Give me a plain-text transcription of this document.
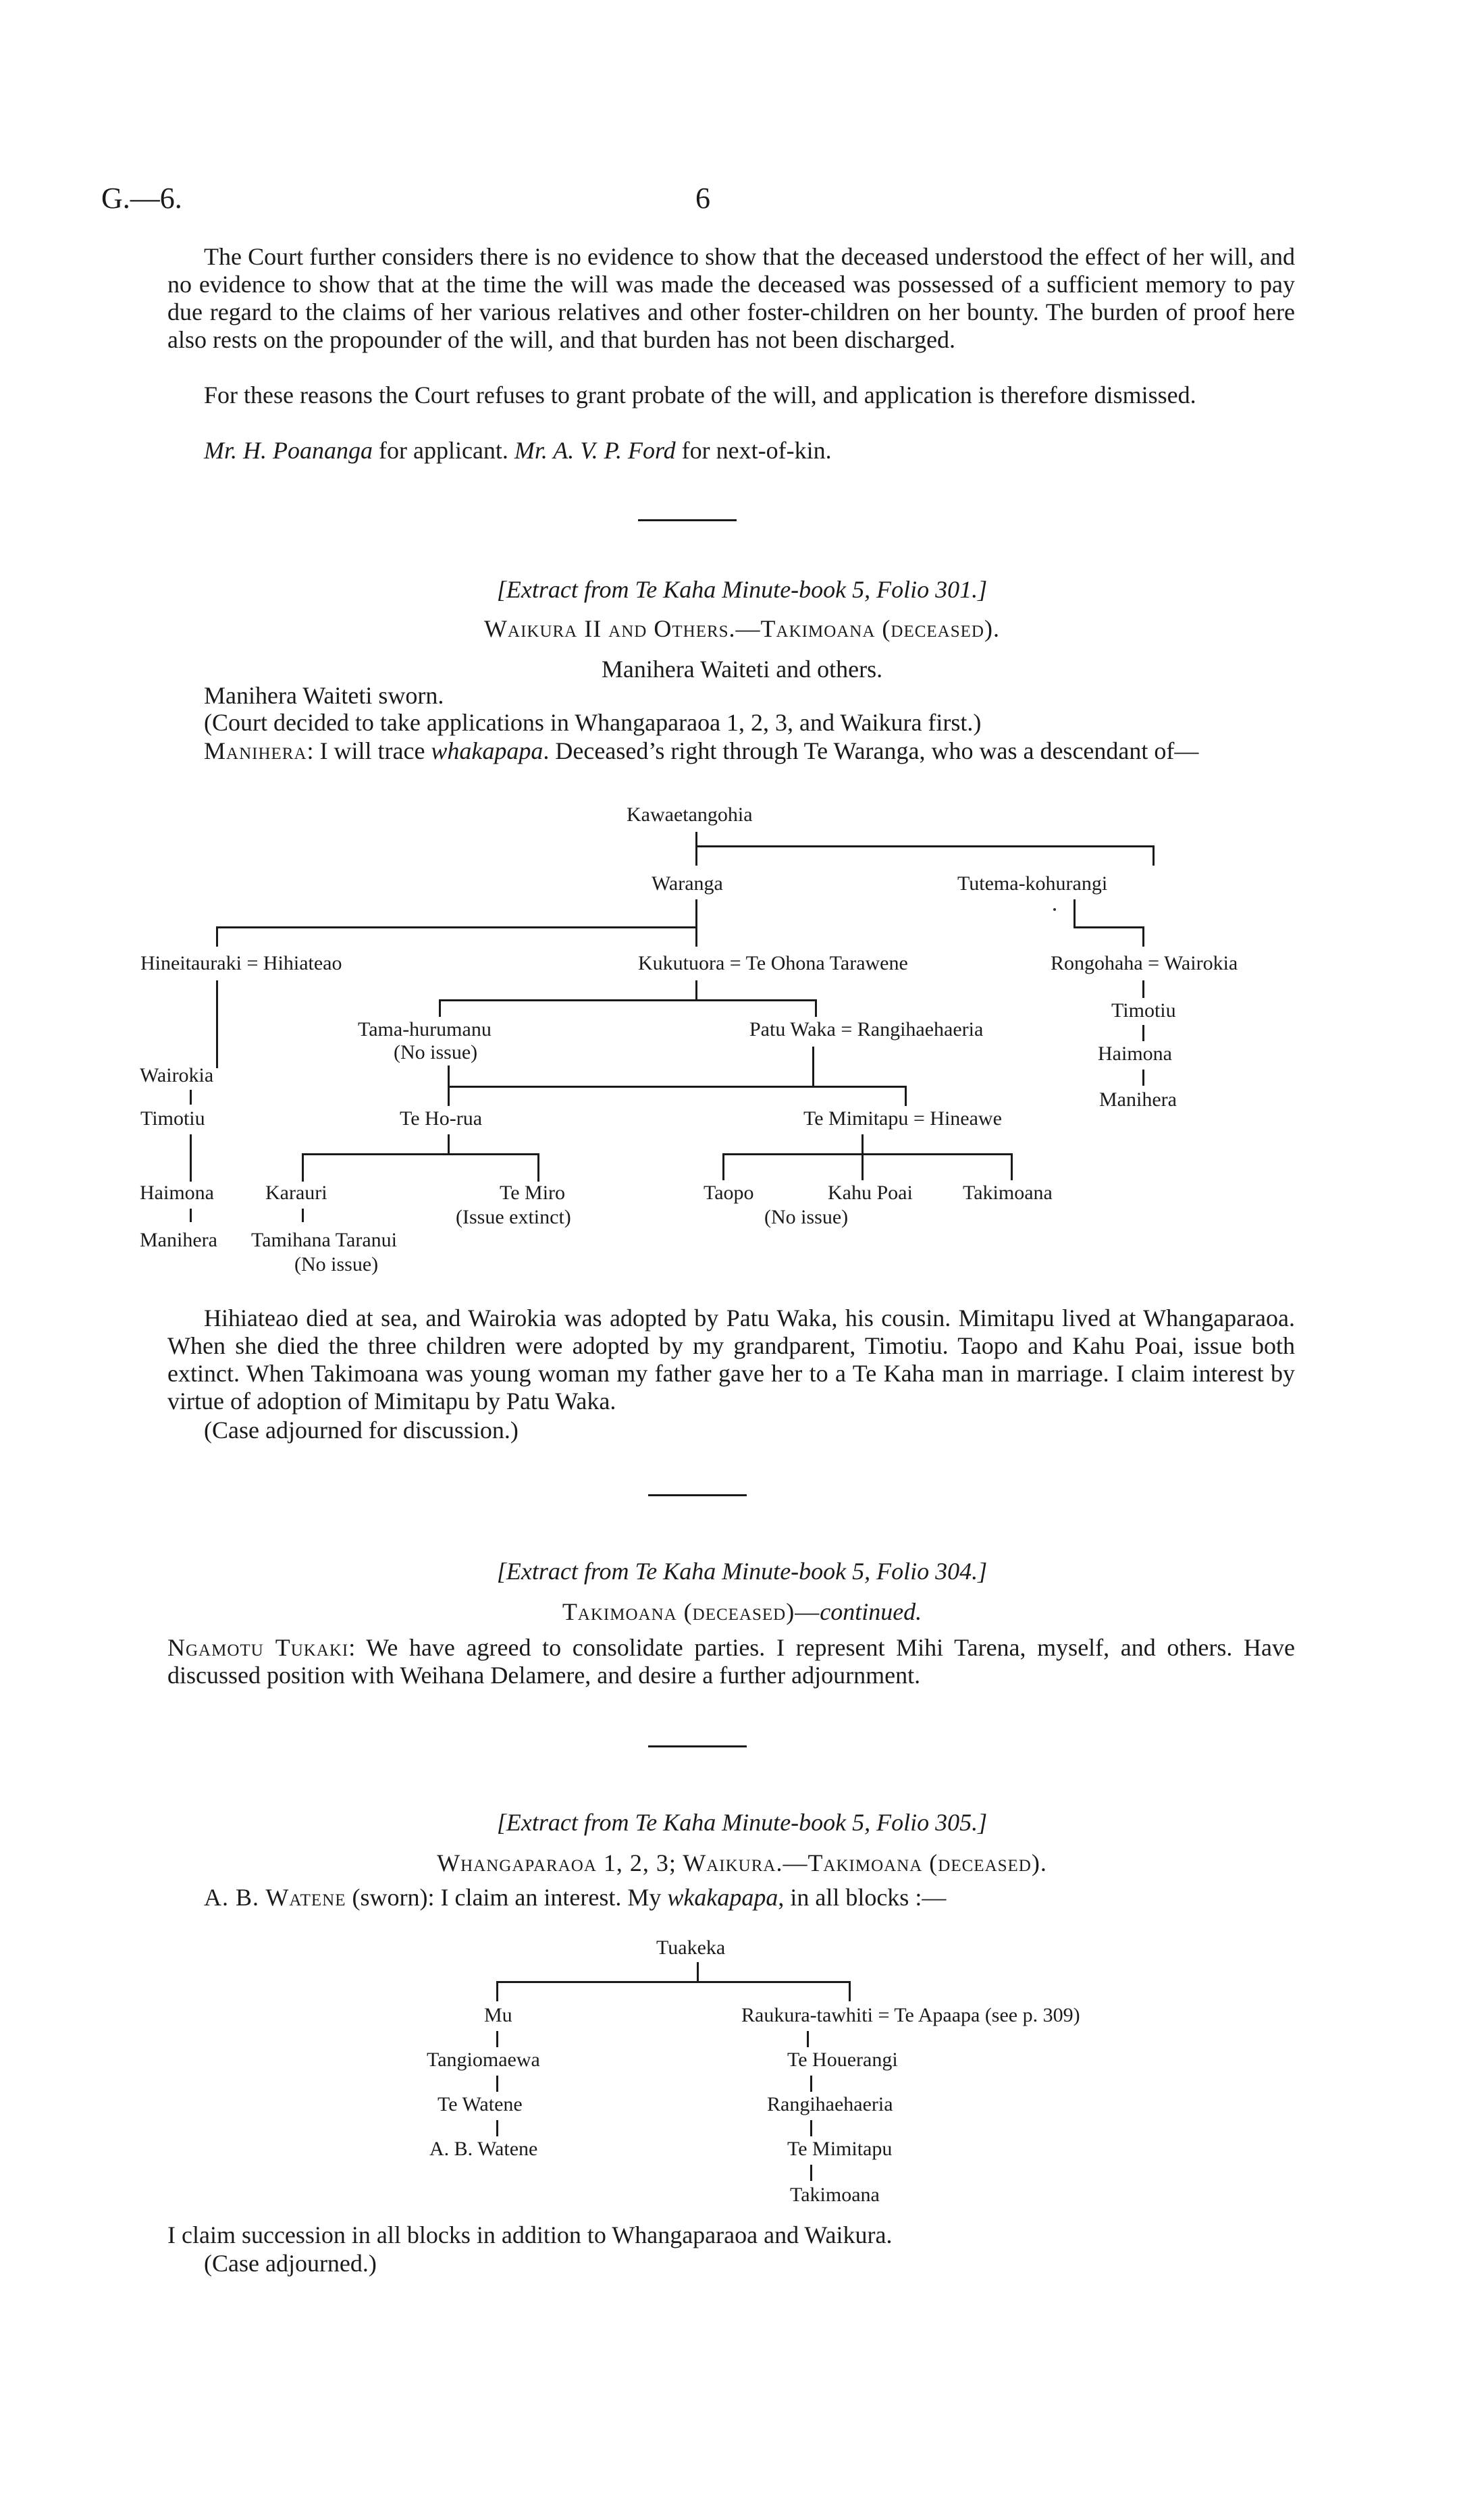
G.—6.	6
The Court further considers there is no evidence to show that the deceased understood the effect of her will, and no evidence to show that at the time the will was made the deceased was possessed of a sufficient memory to pay due regard to the claims of her various relatives and other foster-children on her bounty. The burden of proof here also rests on the propounder of the will, and that burden has not been discharged.
For these reasons the Court refuses to grant probate of the will, and application is therefore dismissed.
Mr. H. Poananga for applicant. Mr. A. V. P. Ford for next-of-kin.
[Extract from Te Kaha Minute-book 5, Folio 301.]
Waikura II and Others.—Takimoana (deceased).
Manihera Waiteti and others.
Manihera Waiteti sworn.
(Court decided to take applications in Whangaparaoa 1, 2, 3, and Waikura first.)
Manihera: I will trace whakapapa. Deceased’s right through Te Waranga, who was a descendant of—
Kawaetangohia
Waranga	Tutema-kohurangi
Hineitauraki = Hihiateao	Kukutuora = Te Ohona Tarawene	Rongohaha = Wairokia
Timotiu
Haimona
Manihera
Tama-hurumanu
(No issue)
Patu Waka = Rangihaehaeria
Wairokia
Timotiu	Te Ho-rua	Te Mimitapu = Hineawe
Haimona	Karauri	Te Miro	Taopo	Kahu Poai Takimoana
(Issue extinct)	(No issue)
Manihera Tamihana Taranui
(No issue)
Hihiateao died at sea, and Wairokia was adopted by Patu Waka, his cousin. Mimitapu lived at Whangaparaoa. When she died the three children were adopted by my grandparent, Timotiu. Taopo and Kahu Poai, issue both extinct. When Takimoana was young woman my father gave her to a Te Kaha man in marriage. I claim interest by virtue of adoption of Mimitapu by Patu Waka.
(Case adjourned for discussion.)
[Extract from Te Kaha Minute-book 5, Folio 304.]
Takimoana (deceased)—continued.
Ngamotu Tukaki: We have agreed to consolidate parties. I represent Mihi Tarena, myself, and others. Have discussed position with Weihana Delamere, and desire a further adjournment.
[Extract from Te Kaha Minute-book 5, Folio 305.]
Whangaparaoa 1, 2, 3; Waikura.—Takimoana (deceased).
A. B. Watene (sworn): I claim an interest. My wkakapapa, in all blocks :—
Tuakeka
Mu	Raukura-tawhiti = Te Apaapa (see p. 309)
Tangiomaewa	Te Houerangi
Te Watene	Rangihaehaeria
A. B. Watene	Te Mimitapu
Takimoana
I claim succession in all blocks in addition to Whangaparaoa and Waikura.
(Case adjourned.)
